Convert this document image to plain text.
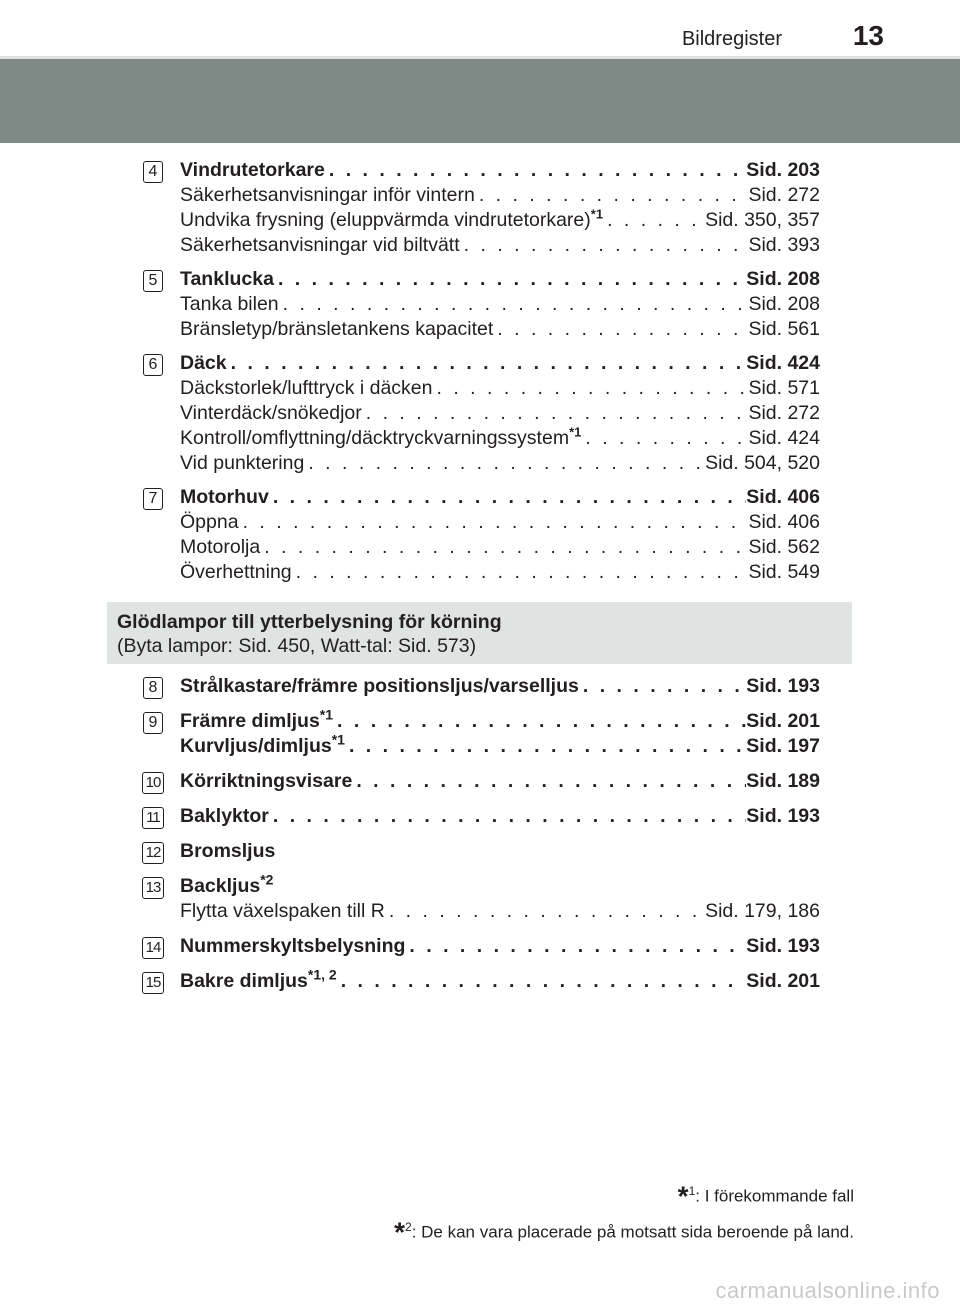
Bildregister	13
4 Vindrutetorkare . . .	Sid. 203
Säkerhetsanvisningar inför vintern . . .	Sid. 272
Undvika frysning (eluppvärmda vindrutetorkare)$^{*1}$ . . .	Sid. 350, 357
Säkerhetsanvisningar vid biltvätt . . .	Sid. 393
5 Tanklucka . . .	Sid. 208
Tanka bilen . . .	Sid. 208
Bränsletyp/bränsletankens kapacitet . . .	Sid. 561
6 Däck . . .	Sid. 424
Däckstorlek/lufttryck i däcken . . .	Sid. 571
Vinterdäck/snökedjor . . .	Sid. 272
Kontroll/omflyttning/däcktryckvarningssystem$^{*1}$ . . .	Sid. 424
Vid punktering . . .	Sid. 504, 520
7 Motorhuv . . .	Sid. 406
Öppna . . .	Sid. 406
Motorolja . . .	Sid. 562
Överhettning . . .	Sid. 549
Glödlampor till ytterbelysning för körning
(Byta lampor: Sid. 450, Watt-tal: Sid. 573)
8 Strålkastare/främre positionsljus/varselljus . . .	Sid. 193
9 Främre dimljus$^{*1}$ . . .	Sid. 201
Kurvljus/dimljus$^{*1}$ . . .	Sid. 197
10 Körriktningsvisare . . .	Sid. 189
11 Baklyktor . . .	Sid. 193
12 Bromsljus
13 Backljus$^{*2}$
Flytta växelspaken till R . . .	Sid. 179, 186
14 Nummerskyltsbelysning . . .	Sid. 193
15 Bakre dimljus$^{*1, 2}$ . . .	Sid. 201
*$^1$: I förekommande fall
*$^2$: De kan vara placerade på motsatt sida beroende på land.
carmanualsonline.info
